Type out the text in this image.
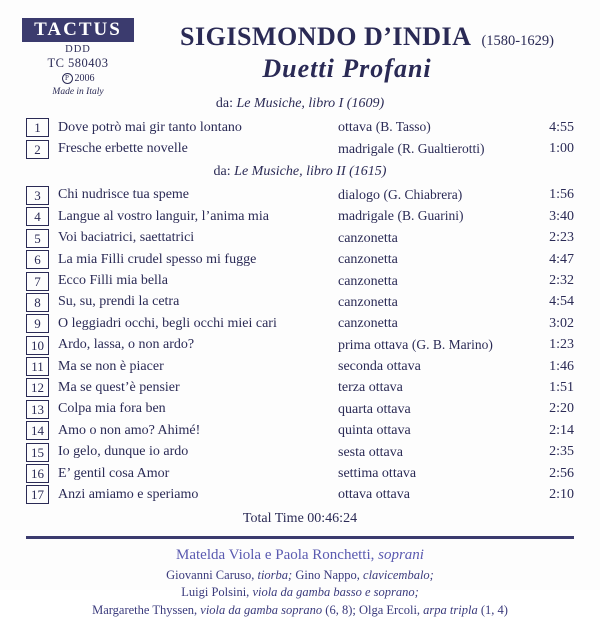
TACTUS
DDD
TC 580403
P 2006
Made in Italy
SIGISMONDO D’INDIA (1580-1629)
Duetti Profani
da: Le Musiche, libro I (1609)
1	Dove potrò mai gir tanto lontano	ottava (B. Tasso)	4:55
2	Fresche erbette novelle	madrigale (R. Gualtierotti)	1:00
da: Le Musiche, libro II (1615)
3	Chi nudrisce tua speme	dialogo (G. Chiabrera)	1:56
4	Langue al vostro languir, l’anima mia	madrigale (B. Guarini)	3:40
5	Voi baciatrici, saettatrici	canzonetta	2:23
6	La mia Filli crudel spesso mi fugge	canzonetta	4:47
7	Ecco Filli mia bella	canzonetta	2:32
8	Su, su, prendi la cetra	canzonetta	4:54
9	O leggiadri occhi, begli occhi miei cari	canzonetta	3:02
10	Ardo, lassa, o non ardo?	prima ottava (G. B. Marino)	1:23
11	Ma se non è piacer	seconda ottava	1:46
12	Ma se quest’è pensier	terza ottava	1:51
13	Colpa mia fora ben	quarta ottava	2:20
14	Amo o non amo? Ahimé!	quinta ottava	2:14
15	Io gelo, dunque io ardo	sesta ottava	2:35
16	E’ gentil cosa Amor	settima ottava	2:56
17	Anzi amiamo e speriamo	ottava ottava	2:10
Total Time 00:46:24
Matelda Viola e Paola Ronchetti, soprani
Giovanni Caruso, tiorba; Gino Nappo, clavicembalo;
Luigi Polsini, viola da gamba basso e soprano;
Margarethe Thyssen, viola da gamba soprano (6, 8); Olga Ercoli, arpa tripla (1, 4)
